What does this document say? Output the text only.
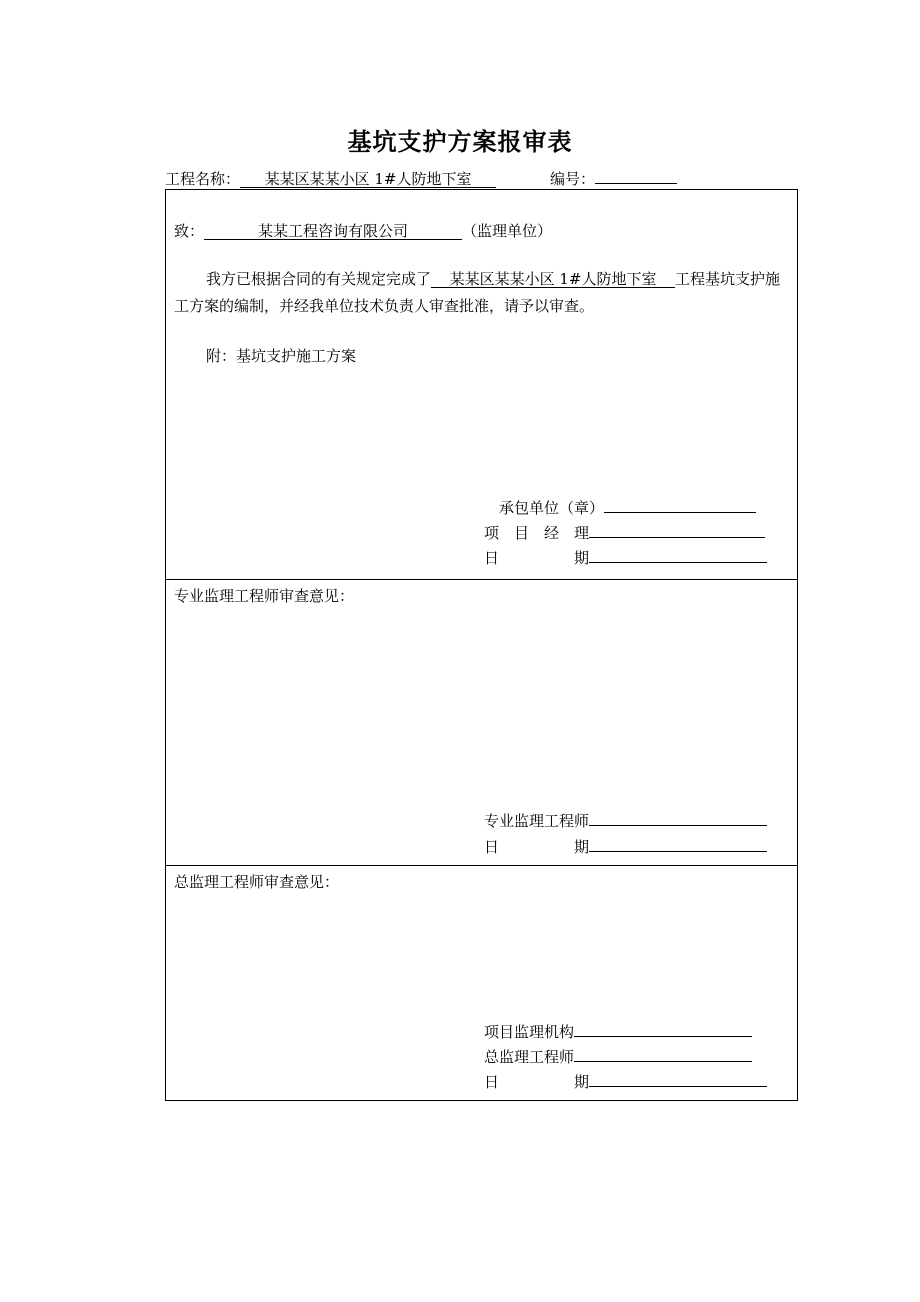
基坑支护方案报审表
工程名称： 某某区某某小区 1#人防地下室	编号：
致：	某某工程咨询有限公司	（监理单位）
我方已根据合同的有关规定完成了 某某区某某小区 1#人防地下室 工程基坑支护施工方案的编制，并经我单位技术负责人审查批准，请予以审查。
附：基坑支护施工方案
承包单位（章）
项　目　经　理
日　　　　　期
专业监理工程师审查意见：
专业监理工程师
日　　　　　期
总监理工程师审查意见：
项目监理机构
总监理工程师
日　　　　　期
